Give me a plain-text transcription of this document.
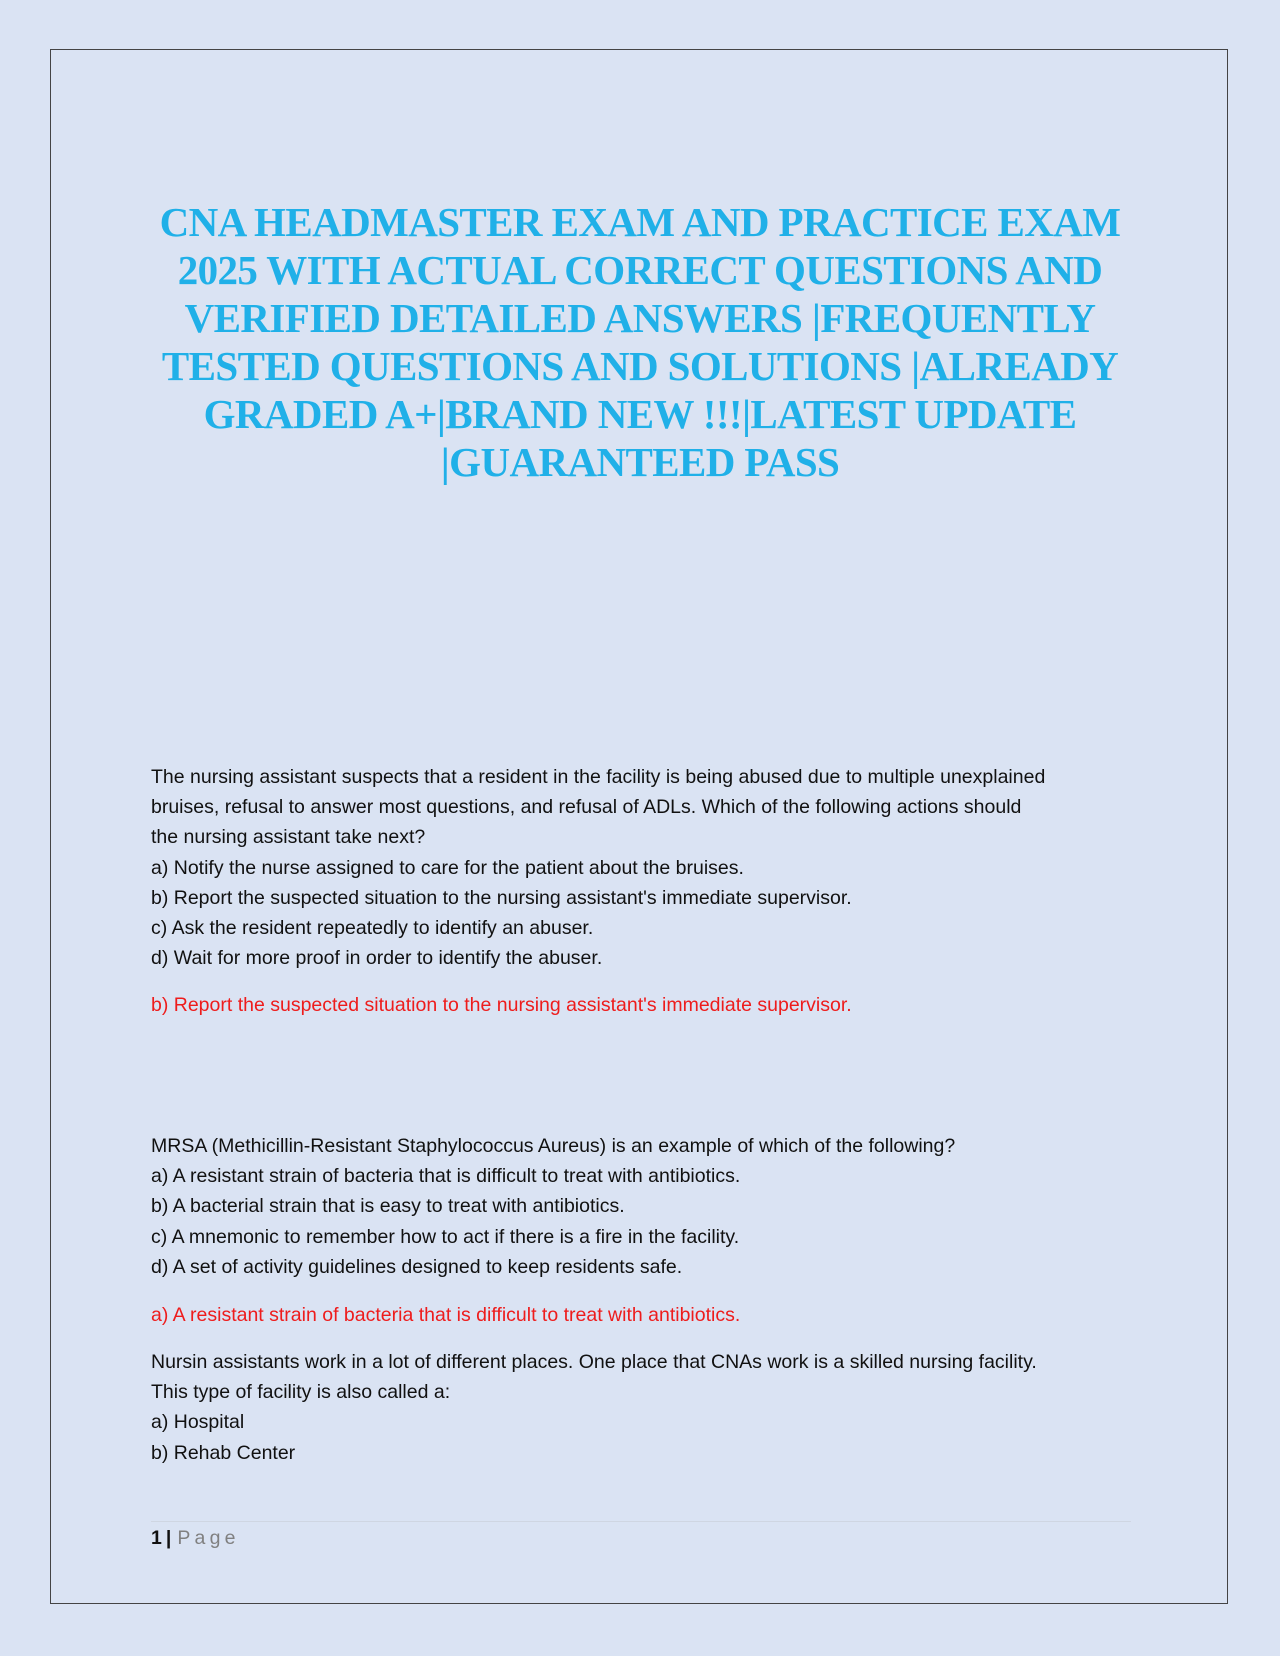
CNA HEADMASTER EXAM AND PRACTICE EXAM
2025 WITH ACTUAL CORRECT QUESTIONS AND
VERIFIED DETAILED ANSWERS |FREQUENTLY
TESTED QUESTIONS AND SOLUTIONS |ALREADY
GRADED A+|BRAND NEW !!!|LATEST UPDATE
|GUARANTEED PASS
The nursing assistant suspects that a resident in the facility is being abused due to multiple unexplained
bruises, refusal to answer most questions, and refusal of ADLs. Which of the following actions should
the nursing assistant take next?
a) Notify the nurse assigned to care for the patient about the bruises.
b) Report the suspected situation to the nursing assistant's immediate supervisor.
c) Ask the resident repeatedly to identify an abuser.
d) Wait for more proof in order to identify the abuser.
b) Report the suspected situation to the nursing assistant's immediate supervisor.
MRSA (Methicillin-Resistant Staphylococcus Aureus) is an example of which of the following?
a) A resistant strain of bacteria that is difficult to treat with antibiotics.
b) A bacterial strain that is easy to treat with antibiotics.
c) A mnemonic to remember how to act if there is a fire in the facility.
d) A set of activity guidelines designed to keep residents safe.
a) A resistant strain of bacteria that is difficult to treat with antibiotics.
Nursin assistants work in a lot of different places. One place that CNAs work is a skilled nursing facility.
This type of facility is also called a:
a) Hospital
b) Rehab Center
1 | Page
